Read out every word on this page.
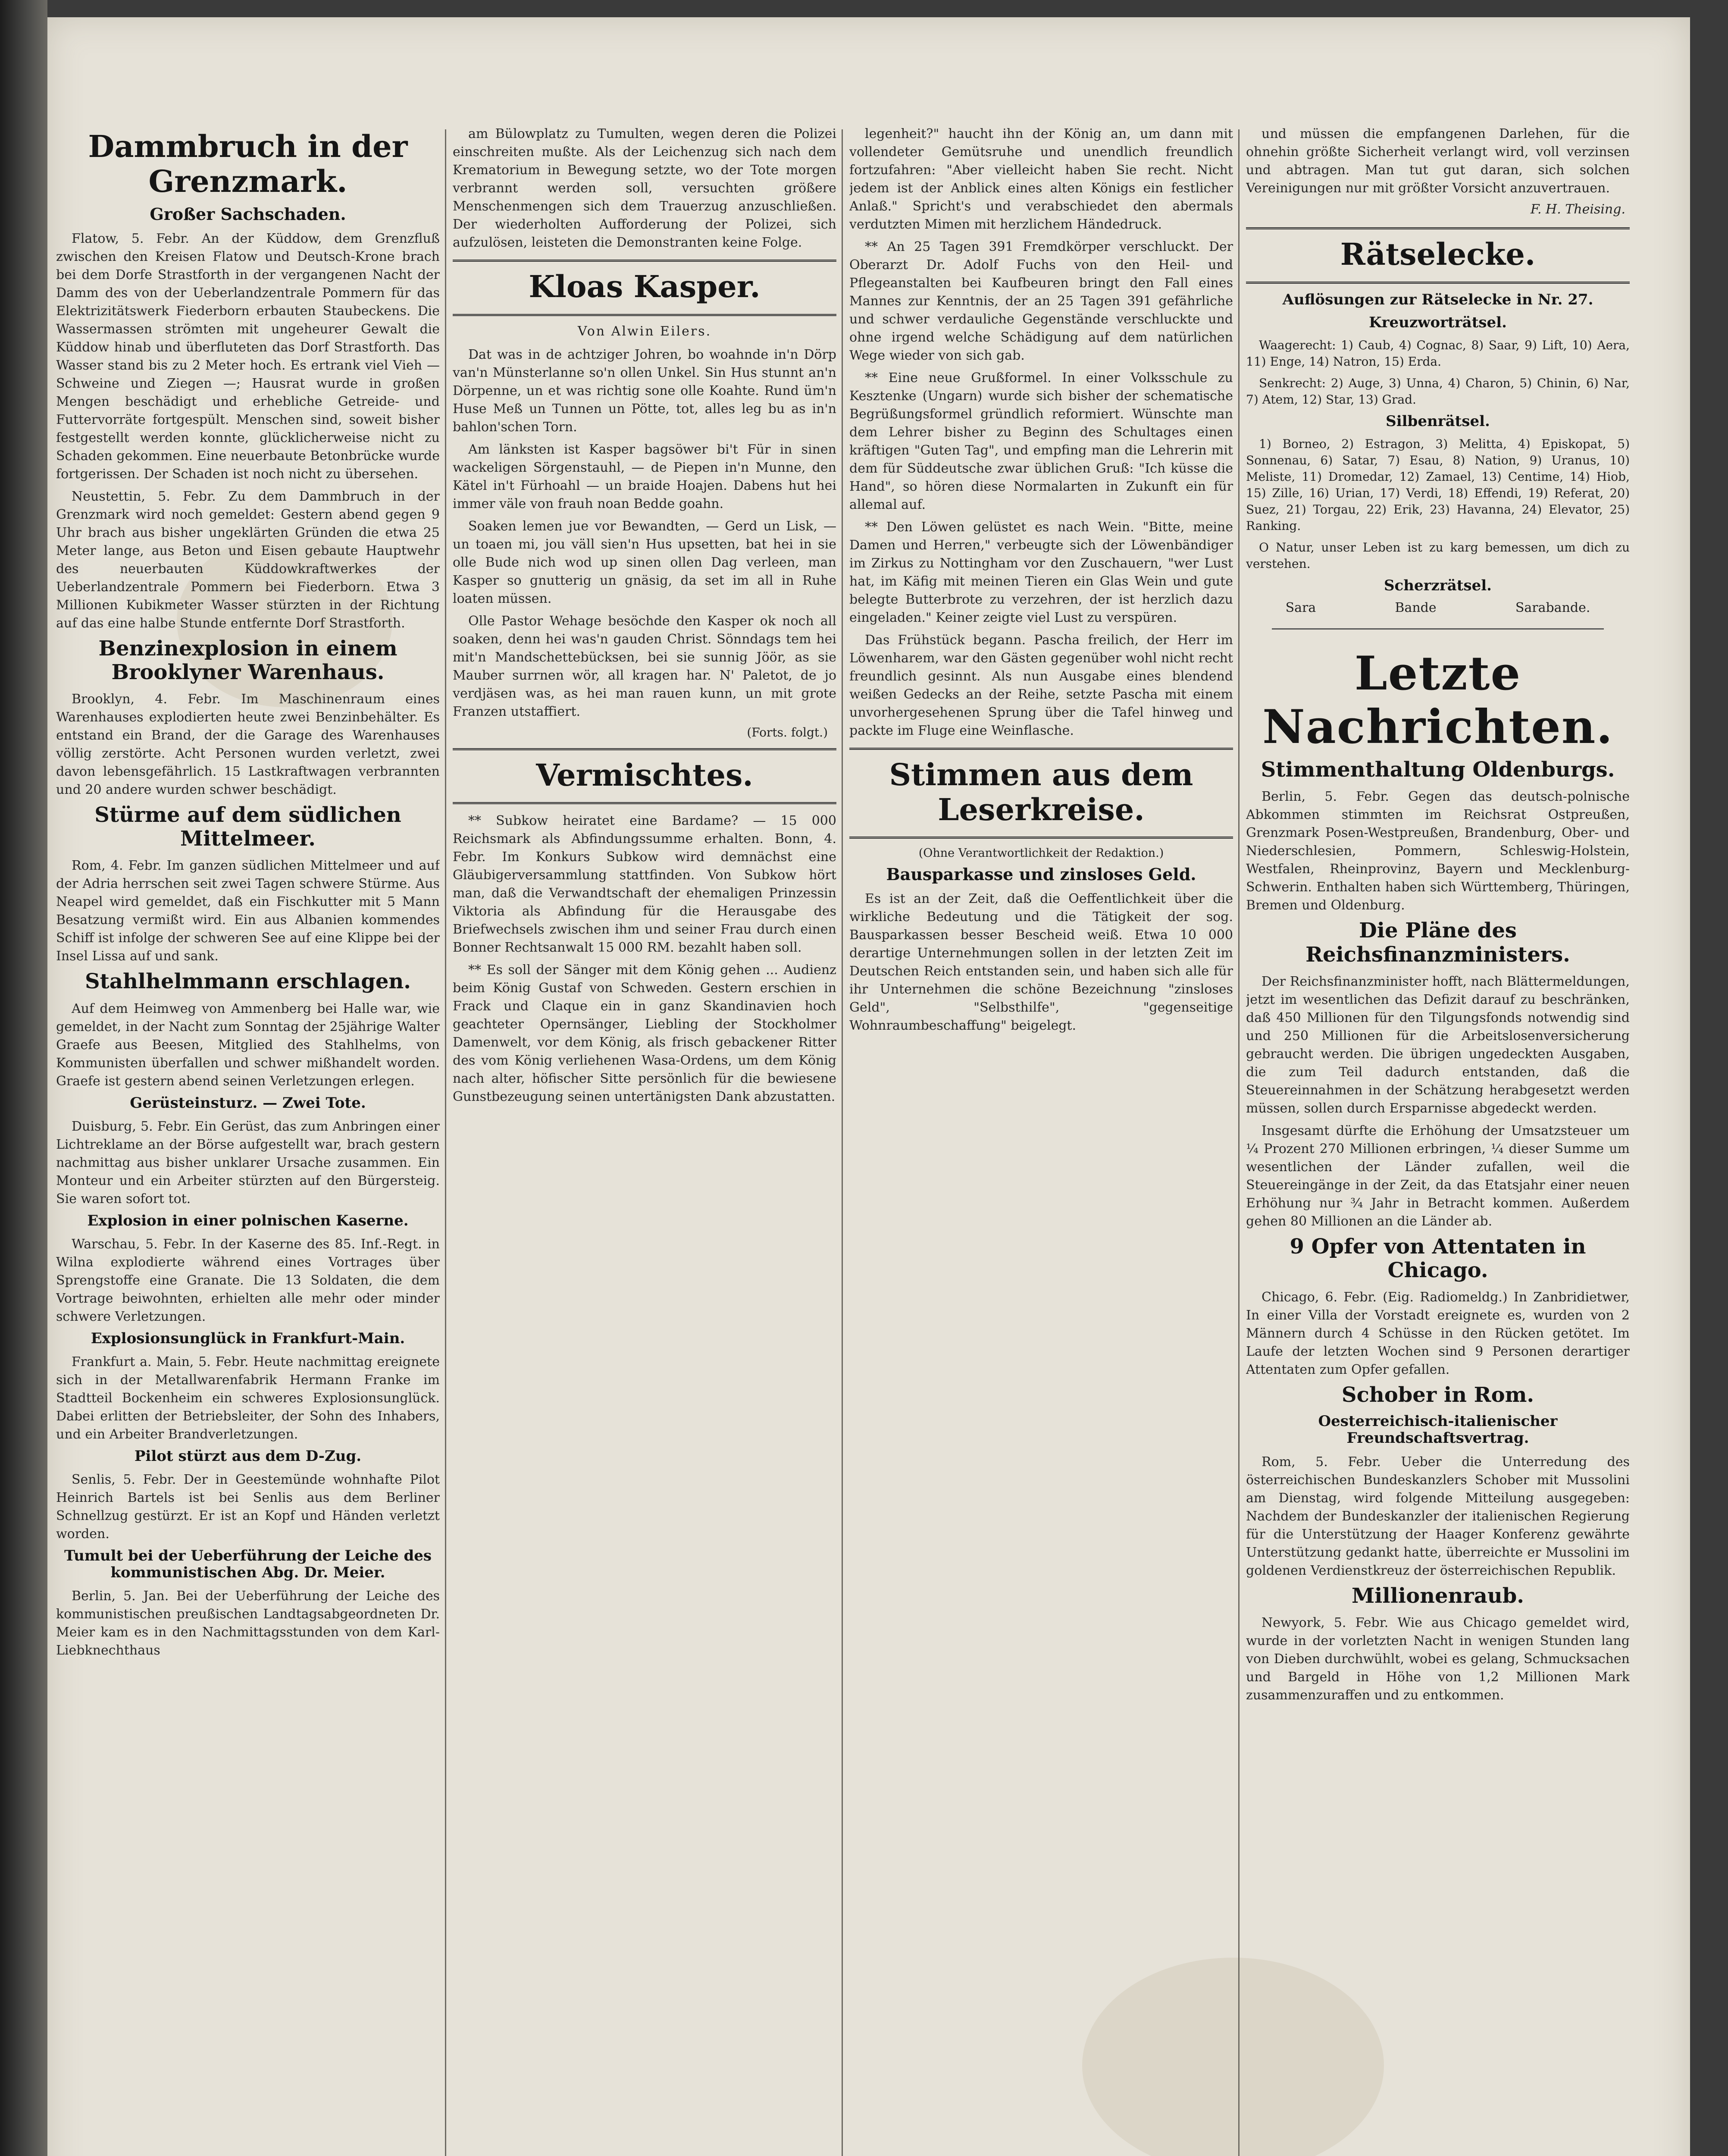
Dammbruch in der Grenzmark.
Großer Sachschaden.

Flatow, 5. Febr. An der Küddow, dem Grenzfluß zwischen den Kreisen Flatow und Deutsch-Krone brach bei dem Dorfe Strastforth in der vergangenen Nacht der Damm des von der Ueberlandzentrale Pommern für das Elektrizitätswerk Fiederborn erbauten Staubeckens. Die Wassermassen strömten mit ungeheurer Gewalt die Küddow hinab und überfluteten das Dorf Strastforth. Das Wasser stand bis zu 2 Meter hoch. Es ertrank viel Vieh — Schweine und Ziegen —; Hausrat wurde in großen Mengen beschädigt und erhebliche Getreide- und Futtervorräte fortgespült. Menschen sind, soweit bisher festgestellt werden konnte, glücklicherweise nicht zu Schaden gekommen. Eine neuerbaute Betonbrücke wurde fortgerissen. Der Schaden ist noch nicht zu übersehen.

Neustettin, 5. Febr. Zu dem Dammbruch in der Grenzmark wird noch gemeldet: Gestern abend gegen 9 Uhr brach aus bisher ungeklärten Gründen die etwa 25 Meter lange, aus Beton und Eisen gebaute Hauptwehr des neuerbauten Küddowkraftwerkes der Ueberlandzentrale Pommern bei Fiederborn. Etwa 3 Millionen Kubikmeter Wasser stürzten in der Richtung auf das eine halbe Stunde entfernte Dorf Strastforth.

Benzinexplosion in einem Brooklyner Warenhaus.

Brooklyn, 4. Febr. Im Maschinenraum eines Warenhauses explodierten heute zwei Benzinbehälter. Es entstand ein Brand, der die Garage des Warenhauses völlig zerstörte. Acht Personen wurden verletzt, zwei davon lebensgefährlich. 15 Lastkraftwagen verbrannten und 20 andere wurden schwer beschädigt.

Stürme auf dem südlichen Mittelmeer.

Rom, 4. Febr. Im ganzen südlichen Mittelmeer und auf der Adria herrschen seit zwei Tagen schwere Stürme. Aus Neapel wird gemeldet, daß ein Fischkutter mit 5 Mann Besatzung vermißt wird. Ein aus Albanien kommendes Schiff ist infolge der schweren See auf eine Klippe bei der Insel Lissa auf und sank.

Stahlhelmmann erschlagen.

Auf dem Heimweg von Ammenberg bei Halle war, wie gemeldet, in der Nacht zum Sonntag der 25jährige Walter Graefe aus Beesen, Mitglied des Stahlhelms, von Kommunisten überfallen und schwer mißhandelt worden. Graefe ist gestern abend seinen Verletzungen erlegen.

Gerüsteinsturz. — Zwei Tote.

Duisburg, 5. Febr. Ein Gerüst, das zum Anbringen einer Lichtreklame an der Börse aufgestellt war, brach gestern nachmittag aus bisher unklarer Ursache zusammen. Ein Monteur und ein Arbeiter stürzten auf den Bürgersteig. Sie waren sofort tot.

Explosion in einer polnischen Kaserne.

Warschau, 5. Febr. In der Kaserne des 85. Inf.-Regt. in Wilna explodierte während eines Vortrages über Sprengstoffe eine Granate. Die 13 Soldaten, die dem Vortrage beiwohnten, erhielten alle mehr oder minder schwere Verletzungen.

Explosionsunglück in Frankfurt-Main.

Frankfurt a. Main, 5. Febr. Heute nachmittag ereignete sich in der Metallwarenfabrik Hermann Franke im Stadtteil Bockenheim ein schweres Explosionsunglück. Dabei erlitten der Betriebsleiter, der Sohn des Inhabers, und ein Arbeiter Brandverletzungen.

Pilot stürzt aus dem D-Zug.

Senlis, 5. Febr. Der in Geestemünde wohnhafte Pilot Heinrich Bartels ist bei Senlis aus dem Berliner Schnellzug gestürzt. Er ist an Kopf und Händen verletzt worden.

Tumult bei der Ueberführung der Leiche des kommunistischen Abg. Dr. Meier.

Berlin, 5. Jan. Bei der Ueberführung der Leiche des kommunistischen preußischen Landtagsabgeordneten Dr. Meier kam es in den Nachmittagsstunden von dem Karl-Liebknechthaus

am Bülowplatz zu Tumulten, wegen deren die Polizei einschreiten mußte. Als der Leichenzug sich nach dem Krematorium in Bewegung setzte, wo der Tote morgen verbrannt werden soll, versuchten größere Menschenmengen sich dem Trauerzug anzuschließen. Der wiederholten Aufforderung der Polizei, sich aufzulösen, leisteten die Demonstranten keine Folge.

Kloas Kasper.
Von Alwin Eilers.

Dat was in de achtziger Johren, bo woahnde in'n Dörp van'n Münsterlanne so'n ollen Unkel. Sin Hus stunnt an'n Dörpenne, un et was richtig sone olle Koahte. Rund üm'n Huse Meß un Tunnen un Pötte, tot, alles leg bu as in'n bahlon'schen Torn.

Am länksten ist Kasper bagsöwer bi't Für in sinen wackeligen Sörgenstauhl, — de Piepen in'n Munne, den Kätel in't Fürhoahl — un braide Hoajen. Dabens hut hei immer väle von frauh noan Bedde goahn.

Soaken lemen jue vor Bewandten, — Gerd un Lisk, — un toaen mi, jou väll sien'n Hus upsetten, bat hei in sie olle Bude nich wod up sinen ollen Dag verleen, man Kasper so gnutterig un gnäsig, da set im all in Ruhe loaten müssen.

Olle Pastor Wehage besöchde den Kasper ok noch all soaken, denn hei was'n gauden Christ. Sönndags tem hei mit'n Mandschettebücksen, bei sie sunnig Jöör, as sie Mauber surrnen wör, all kragen har. N' Paletot, de jo verdjäsen was, as hei man rauen kunn, un mit grote Franzen utstaffiert.

(Forts. folgt.)
Vermischtes.

** Subkow heiratet eine Bardame? — 15 000 Reichsmark als Abfindungssumme erhalten. Bonn, 4. Febr. Im Konkurs Subkow wird demnächst eine Gläubigerversammlung stattfinden. Von Subkow hört man, daß die Verwandtschaft der ehemaligen Prinzessin Viktoria als Abfindung für die Herausgabe des Briefwechsels zwischen ihm und seiner Frau durch einen Bonner Rechtsanwalt 15 000 RM. bezahlt haben soll.

** Es soll der Sänger mit dem König gehen ... Audienz beim König Gustaf von Schweden. Gestern erschien in Frack und Claque ein in ganz Skandinavien hoch geachteter Opernsänger, Liebling der Stockholmer Damenwelt, vor dem König, als frisch gebackener Ritter des vom König verliehenen Wasa-Ordens, um dem König nach alter, höfischer Sitte persönlich für die bewiesene Gunstbezeugung seinen untertänigsten Dank abzustatten.

legenheit?" haucht ihn der König an, um dann mit vollendeter Gemütsruhe und unendlich freundlich fortzufahren: "Aber vielleicht haben Sie recht. Nicht jedem ist der Anblick eines alten Königs ein festlicher Anlaß." Spricht's und verabschiedet den abermals verdutzten Mimen mit herzlichem Händedruck.

** An 25 Tagen 391 Fremdkörper verschluckt. Der Oberarzt Dr. Adolf Fuchs von den Heil- und Pflegeanstalten bei Kaufbeuren bringt den Fall eines Mannes zur Kenntnis, der an 25 Tagen 391 gefährliche und schwer verdauliche Gegenstände verschluckte und ohne irgend welche Schädigung auf dem natürlichen Wege wieder von sich gab.

** Eine neue Grußformel. In einer Volksschule zu Kesztenke (Ungarn) wurde sich bisher der schematische Begrüßungsformel gründlich reformiert. Wünschte man dem Lehrer bisher zu Beginn des Schultages einen kräftigen "Guten Tag", und empfing man die Lehrerin mit dem für Süddeutsche zwar üblichen Gruß: "Ich küsse die Hand", so hören diese Normalarten in Zukunft ein für allemal auf.

** Den Löwen gelüstet es nach Wein. "Bitte, meine Damen und Herren," verbeugte sich der Löwenbändiger im Zirkus zu Nottingham vor den Zuschauern, "wer Lust hat, im Käfig mit meinen Tieren ein Glas Wein und gute belegte Butterbrote zu verzehren, der ist herzlich dazu eingeladen." Keiner zeigte viel Lust zu verspüren.

Das Frühstück begann. Pascha freilich, der Herr im Löwenharem, war den Gästen gegenüber wohl nicht recht freundlich gesinnt. Als nun Ausgabe eines blendend weißen Gedecks an der Reihe, setzte Pascha mit einem unvorhergesehenen Sprung über die Tafel hinweg und packte im Fluge eine Weinflasche.

Stimmen aus dem Leserkreise.
(Ohne Verantwortlichkeit der Redaktion.)
Bausparkasse und zinsloses Geld.

Es ist an der Zeit, daß die Oeffentlichkeit über die wirkliche Bedeutung und die Tätigkeit der sog. Bausparkassen besser Bescheid weiß. Etwa 10 000 derartige Unternehmungen sollen in der letzten Zeit im Deutschen Reich entstanden sein, und haben sich alle für ihr Unternehmen die schöne Bezeichnung "zinsloses Geld", "Selbsthilfe", "gegenseitige Wohnraumbeschaffung" beigelegt.

und müssen die empfangenen Darlehen, für die ohnehin größte Sicherheit verlangt wird, voll verzinsen und abtragen. Man tut gut daran, sich solchen Vereinigungen nur mit größter Vorsicht anzuvertrauen.

F. H. Theising.
Rätselecke.
Auflösungen zur Rätselecke in Nr. 27.
Kreuzworträtsel.

Waagerecht: 1) Caub, 4) Cognac, 8) Saar, 9) Lift, 10) Aera, 11) Enge, 14) Natron, 15) Erda.

Senkrecht: 2) Auge, 3) Unna, 4) Charon, 5) Chinin, 6) Nar, 7) Atem, 12) Star, 13) Grad.

Silbenrätsel.

1) Borneo, 2) Estragon, 3) Melitta, 4) Episkopat, 5) Sonnenau, 6) Satar, 7) Esau, 8) Nation, 9) Uranus, 10) Meliste, 11) Dromedar, 12) Zamael, 13) Centime, 14) Hiob, 15) Zille, 16) Urian, 17) Verdi, 18) Effendi, 19) Referat, 20) Suez, 21) Torgau, 22) Erik, 23) Havanna, 24) Elevator, 25) Ranking.

O Natur, unser Leben ist zu karg bemessen, um dich zu verstehen.

Scherzrätsel.
Sara	Bande	Sarabande.
Letzte Nachrichten.
Stimmenthaltung Oldenburgs.

Berlin, 5. Febr. Gegen das deutsch-polnische Abkommen stimmten im Reichsrat Ostpreußen, Grenzmark Posen-Westpreußen, Brandenburg, Ober- und Niederschlesien, Pommern, Schleswig-Holstein, Westfalen, Rheinprovinz, Bayern und Mecklenburg-Schwerin. Enthalten haben sich Württemberg, Thüringen, Bremen und Oldenburg.

Die Pläne des Reichsfinanzministers.

Der Reichsfinanzminister hofft, nach Blättermeldungen, jetzt im wesentlichen das Defizit darauf zu beschränken, daß 450 Millionen für den Tilgungsfonds notwendig sind und 250 Millionen für die Arbeitslosenversicherung gebraucht werden. Die übrigen ungedeckten Ausgaben, die zum Teil dadurch entstanden, daß die Steuereinnahmen in der Schätzung herabgesetzt werden müssen, sollen durch Ersparnisse abgedeckt werden.

Insgesamt dürfte die Erhöhung der Umsatzsteuer um ¼ Prozent 270 Millionen erbringen, ¼ dieser Summe um wesentlichen der Länder zufallen, weil die Steuereingänge in der Zeit, da das Etatsjahr einer neuen Erhöhung nur ¾ Jahr in Betracht kommen. Außerdem gehen 80 Millionen an die Länder ab.

9 Opfer von Attentaten in Chicago.

Chicago, 6. Febr. (Eig. Radiomeldg.) In Zanbridietwer, In einer Villa der Vorstadt ereignete es, wurden von 2 Männern durch 4 Schüsse in den Rücken getötet. Im Laufe der letzten Wochen sind 9 Personen derartiger Attentaten zum Opfer gefallen.

Schober in Rom.
Oesterreichisch-italienischer Freundschaftsvertrag.

Rom, 5. Febr. Ueber die Unterredung des österreichischen Bundeskanzlers Schober mit Mussolini am Dienstag, wird folgende Mitteilung ausgegeben: Nachdem der Bundeskanzler der italienischen Regierung für die Unterstützung der Haager Konferenz gewährte Unterstützung gedankt hatte, überreichte er Mussolini im goldenen Verdienstkreuz der österreichischen Republik.

Millionenraub.

Newyork, 5. Febr. Wie aus Chicago gemeldet wird, wurde in der vorletzten Nacht in wenigen Stunden lang von Dieben durchwühlt, wobei es gelang, Schmucksachen und Bargeld in Höhe von 1,2 Millionen Mark zusammenzuraffen und zu entkommen.
